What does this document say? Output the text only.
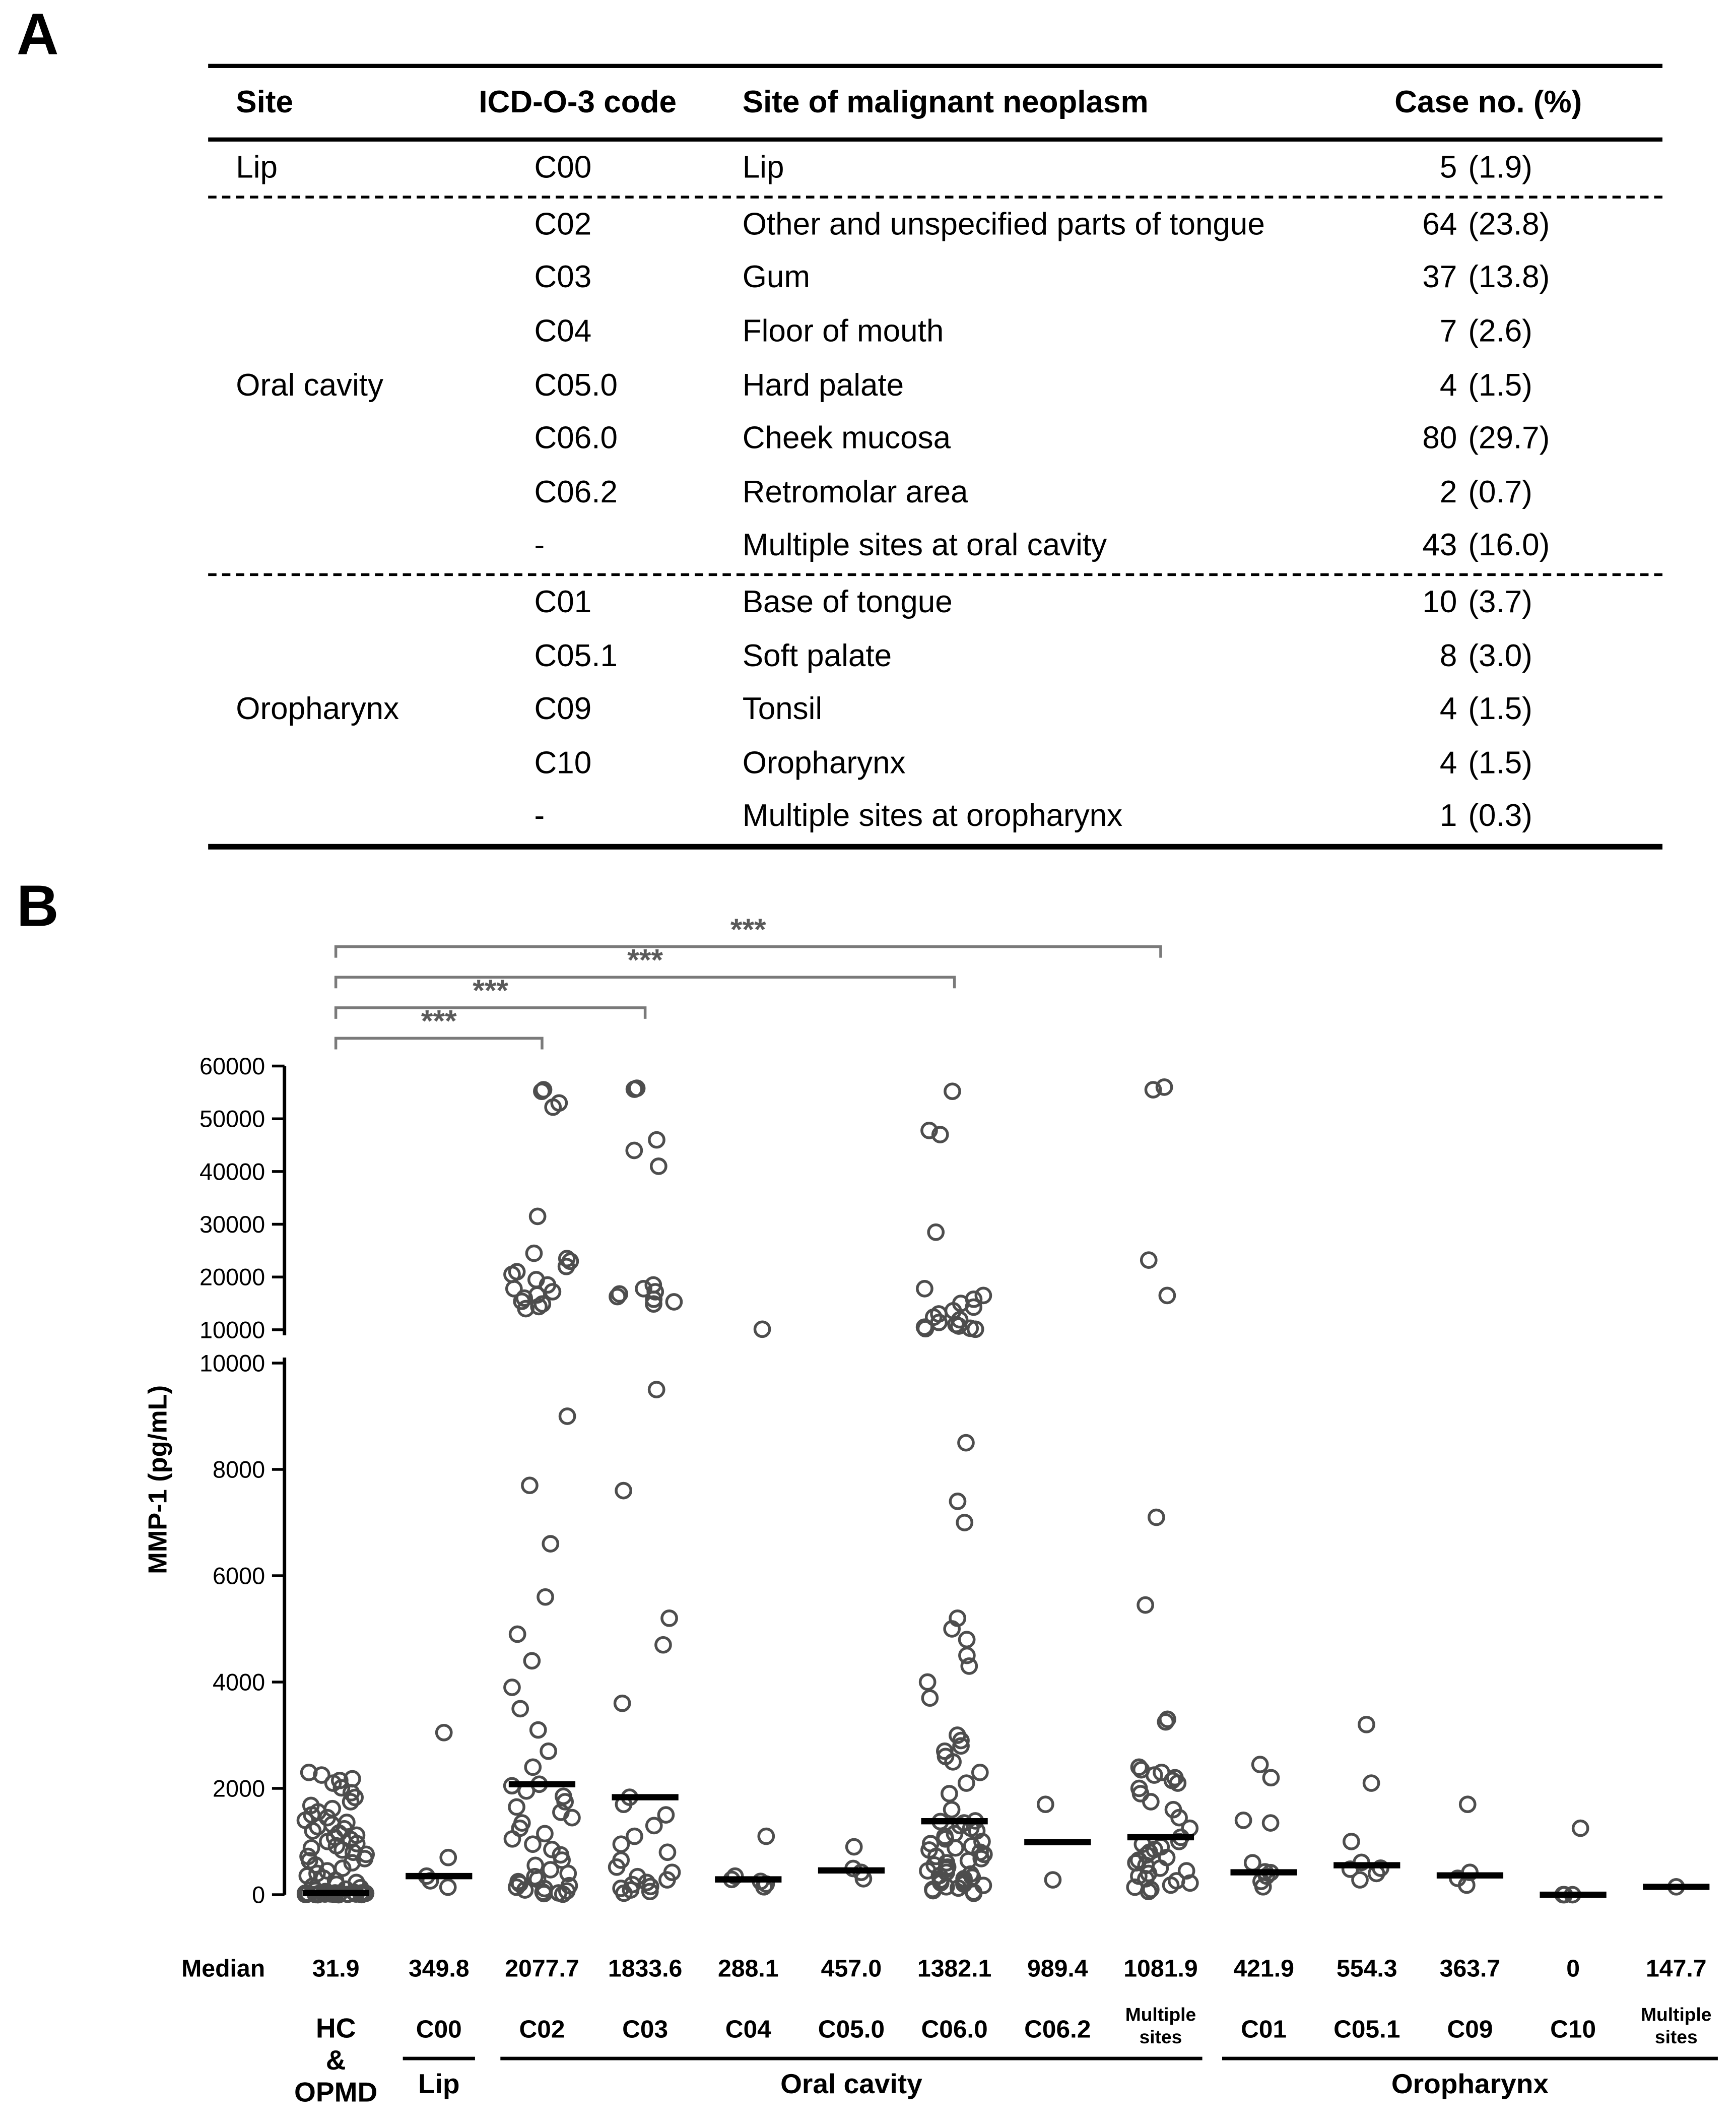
A
Site	ICD-O-3 code	Site of malignant neoplasm	Case no. (%)
Lip	C00	Lip	5 (1.9)
Oral cavity
C02	Other and unspecified parts of tongue	64 (23.8)
C03	Gum	37 (13.8)
C04	Floor of mouth	7 (2.6)
C05.0	Hard palate	4 (1.5)
C06.0	Cheek mucosa	80 (29.7)
C06.2	Retromolar area	2 (0.7)
-	Multiple sites at oral cavity	43 (16.0)
Oropharynx
C01	Base of tongue	10 (3.7)
C05.1	Soft palate	8 (3.0)
C09	Tonsil	4 (1.5)
C10	Oropharynx	4 (1.5)
-	Multiple sites at oropharynx	1 (0.3)
B
10000
20000
30000
40000
50000
60000
0
2000
4000
6000
8000
10000
MMP-1 (pg/mL)
***
***
***
***
31.9
HC
&
OPMD
349.8
C00
2077.7
C02
1833.6
C03
288.1
C04
457.0
C05.0
1382.1
C06.0
989.4
C06.2
1081.9
Multiple
sites
421.9
C01
554.3
C05.1
363.7
C09
0
C10
147.7
Multiple
sites
Median
Lip	Oral cavity	Oropharynx
